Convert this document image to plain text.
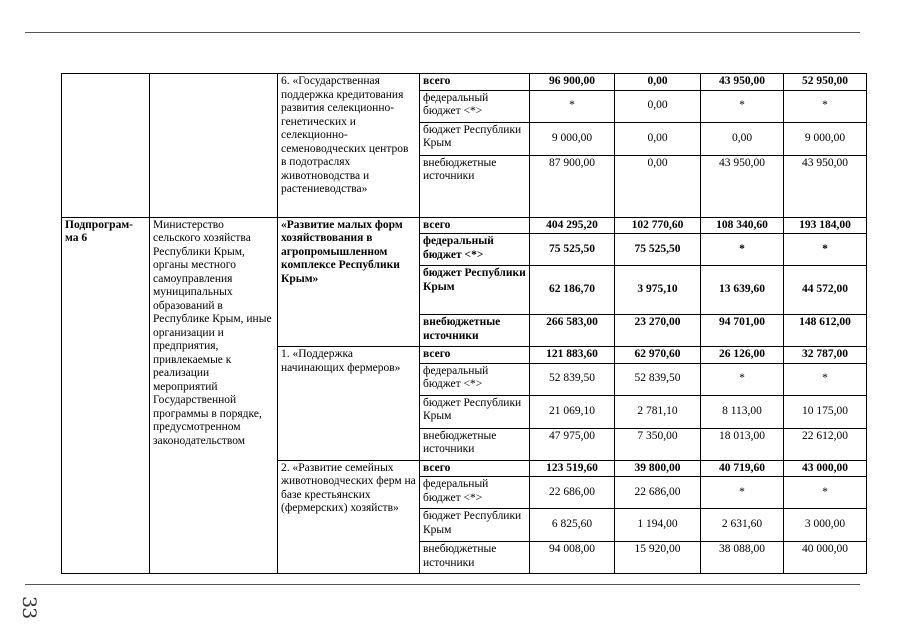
		6. «Государственная поддержка кредитования развития селекционно-генетических и селекционно-семеноводческих центров в подотраслях животноводства и растениеводства»	всего	96 900,00	0,00	43 950,00	52 950,00
			федеральный бюджет <*>	*	0,00	*	*
			бюджет Республики Крым	9 000,00	0,00	0,00	9 000,00
			внебюджетные источники	87 900,00	0,00	43 950,00	43 950,00
Подпрограм-ма 6	Министерство сельского хозяйства Республики Крым, органы местного самоуправления муниципальных образований в Республике Крым, иные организации и предприятия, привлекаемые к реализации мероприятий Государственной программы в порядке, предусмотренном законодательством	«Развитие малых форм хозяйствования в агропромышленном комплексе Республики Крым»	всего	404 295,20	102 770,60	108 340,60	193 184,00
			федеральный бюджет <*>	75 525,50	75 525,50	*	*
			бюджет Республики Крым	62 186,70	3 975,10	13 639,60	44 572,00
			внебюджетные источники	266 583,00	23 270,00	94 701,00	148 612,00
		1. «Поддержка начинающих фермеров»	всего	121 883,60	62 970,60	26 126,00	32 787,00
			федеральный бюджет <*>	52 839,50	52 839,50	*	*
			бюджет Республики Крым	21 069,10	2 781,10	8 113,00	10 175,00
			внебюджетные источники	47 975,00	7 350,00	18 013,00	22 612,00
		2. «Развитие семейных животноводческих ферм на базе крестьянских (фермерских) хозяйств»	всего	123 519,60	39 800,00	40 719,60	43 000,00
			федеральный бюджет <*>	22 686,00	22 686,00	*	*
			бюджет Республики Крым	6 825,60	1 194,00	2 631,60	3 000,00
			внебюджетные источники	94 008,00	15 920,00	38 088,00	40 000,00
33
